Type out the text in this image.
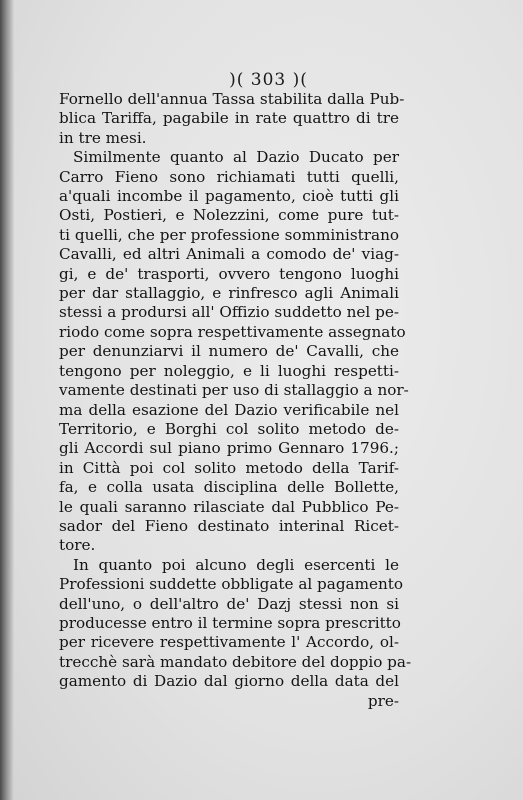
)( 303 )(
Fornello dell'annua Tassa stabilita dalla Pub-
blica Tariffa, pagabile in rate quattro di tre
in tre mesi.
Similmente quanto al Dazio Ducato per
Carro Fieno sono richiamati tutti quelli,
a'quali incombe il pagamento, cioè tutti gli
Osti, Postieri, e Nolezzini, come pure tut-
ti quelli, che per professione somministrano
Cavalli, ed altri Animali a comodo de' viag-
gi, e de' trasporti, ovvero tengono luoghi
per dar stallaggio, e rinfresco agli Animali
stessi a prodursi all' Offizio suddetto nel pe-
riodo come sopra respettivamente assegnato
per denunziarvi il numero de' Cavalli, che
tengono per noleggio, e li luoghi respetti-
vamente destinati per uso di stallaggio a nor-
ma della esazione del Dazio verificabile nel
Territorio, e Borghi col solito metodo de-
gli Accordi sul piano primo Gennaro 1796.;
in Città poi col solito metodo della Tarif-
fa, e colla usata disciplina delle Bollette,
le quali saranno rilasciate dal Pubblico Pe-
sador del Fieno destinato interinal Ricet-
tore.
In quanto poi alcuno degli esercenti le
Professioni suddette obbligate al pagamento
dell'uno, o dell'altro de' Dazj stessi non si
producesse entro il termine sopra prescritto
per ricevere respettivamente l' Accordo, ol-
trecchè sarà mandato debitore del doppio pa-
gamento di Dazio dal giorno della data del
pre-
